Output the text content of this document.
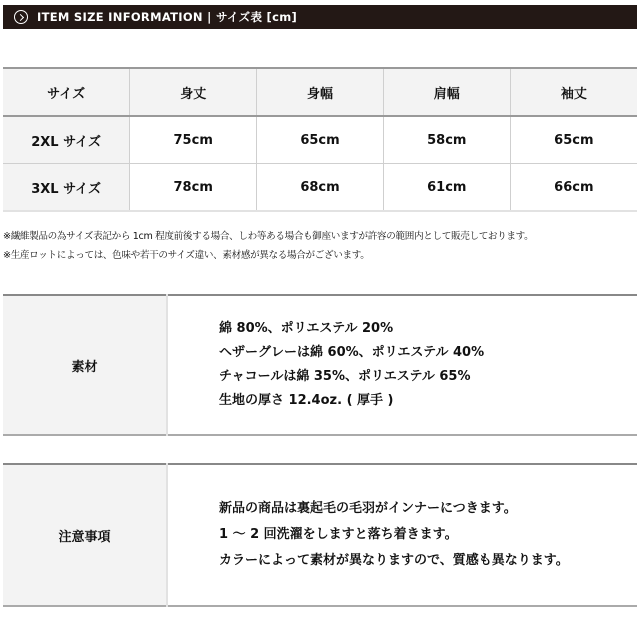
ITEM SIZE INFORMATION | サイズ表 [cm]
サイズ	身丈	身幅	肩幅	袖丈
2XL サイズ	75cm	65cm	58cm	65cm
3XL サイズ	78cm	68cm	61cm	66cm
※繊維製品の為サイズ表記から 1cm 程度前後する場合、しわ等ある場合も御座いますが許容の範囲内として販売しております。
※生産ロットによっては、色味や若干のサイズ違い、素材感が異なる場合がございます。
素材	
綿 80%、ポリエステル 20%
ヘザーグレーは綿 60%、ポリエステル 40%
チャコールは綿 35%、ポリエステル 65%
生地の厚さ 12.4oz. ( 厚手 )
注意事項	
新品の商品は裏起毛の毛羽がインナーにつきます。
1 ～ 2 回洗濯をしますと落ち着きます。
カラーによって素材が異なりますので、質感も異なります。
